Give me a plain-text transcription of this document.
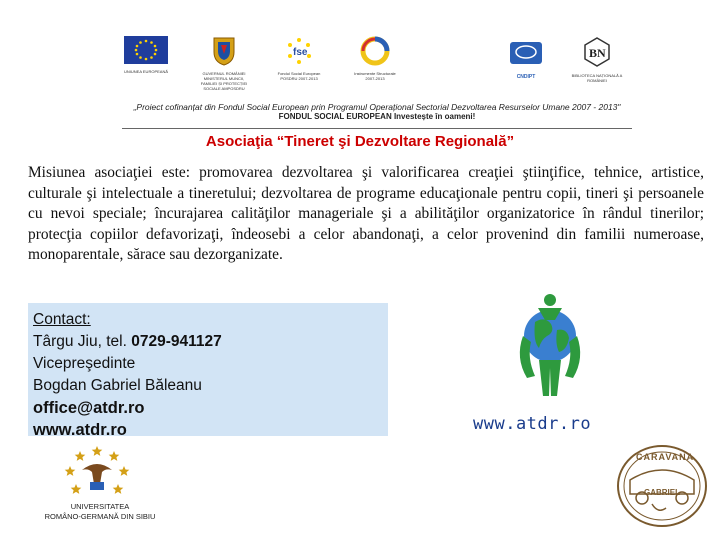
UNIUNEA EUROPEANĂ	GUVERNUL ROMÂNIEI MINISTERUL MUNCII, FAMILIEI ȘI PROTECȚIEI SOCIALE AMPOSDRU
fse
Fondul Social European POSDRU 2007-2013
Instrumente Structurale 2007-2013	CNDIPT	BIBLIOTECA NAȚIONALĂ A ROMÂNIEI
BN
„Proiect cofinanțat din Fondul Social European prin Programul Operațional Sectorial Dezvoltarea Resurselor Umane 2007 - 2013"
FONDUL SOCIAL EUROPEAN Investește în oameni!
Asociaţia “Tineret şi Dezvoltare Regională”
Misiunea asociaţiei este: promovarea dezvoltarea şi valorificarea creaţiei ştiinţifice, tehnice, artistice, culturale şi intelectuale a tineretului; dezvoltarea de programe educaţionale pentru copii, tineri şi persoanele cu nevoi speciale; încurajarea calităţilor manageriale şi a abilităţilor organizatorice în rândul tinerilor; protecţia copiilor defavorizaţi, îndeosebi a celor abandonaţi, a celor provenind din familii numeroase, monoparentale, sărace sau dezorganizate.
Contact:
Târgu Jiu, tel. 0729-941127
Vicepreşedinte
Bogdan Gabriel Băleanu
office@atdr.ro
www.atdr.ro	www.atdr.ro
UNIVERSITATEA
ROMÂNO-GERMANĂ DIN SIBIU
CARAVANA
GABRIEL
